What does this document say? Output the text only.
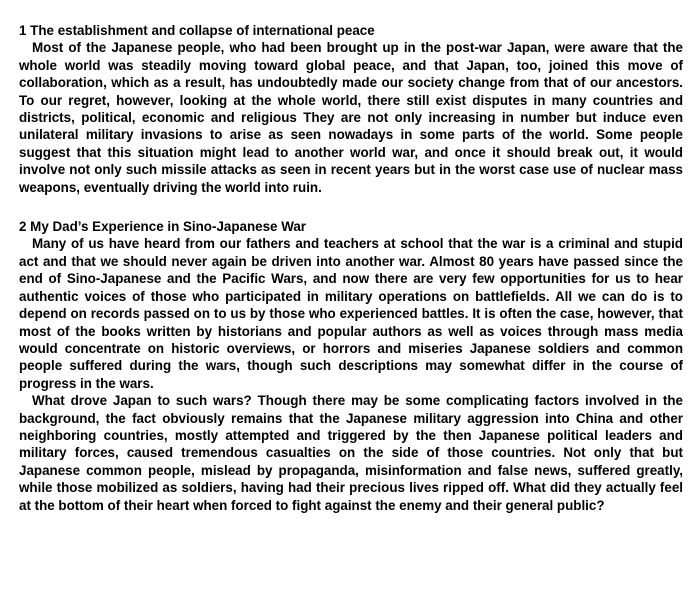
1 The establishment and collapse of international peace

Most of the Japanese people, who had been brought up in the post-war Japan, were aware that the whole world was steadily moving toward global peace, and that Japan, too, joined this move of collaboration, which as a result, has undoubtedly made our society change from that of our ancestors. To our regret, however, looking at the whole world, there still exist disputes in many countries and districts, political, economic and religious They are not only increasing in number but induce even unilateral military invasions to arise as seen nowadays in some parts of the world. Some people suggest that this situation might lead to another world war, and once it should break out, it would involve not only such missile attacks as seen in recent years but in the worst case use of nuclear mass weapons, eventually driving the world into ruin.

2 My Dad’s Experience in Sino-Japanese War

Many of us have heard from our fathers and teachers at school that the war is a criminal and stupid act and that we should never again be driven into another war. Almost 80 years have passed since the end of Sino-Japanese and the Pacific Wars, and now there are very few opportunities for us to hear authentic voices of those who participated in military operations on battlefields. All we can do is to depend on records passed on to us by those who experienced battles. It is often the case, however, that most of the books written by historians and popular authors as well as voices through mass media would concentrate on historic overviews, or horrors and miseries Japanese soldiers and common people suffered during the wars, though such descriptions may somewhat differ in the course of progress in the wars.

What drove Japan to such wars? Though there may be some complicating factors involved in the background, the fact obviously remains that the Japanese military aggression into China and other neighboring countries, mostly attempted and triggered by the then Japanese political leaders and military forces, caused tremendous casualties on the side of those countries. Not only that but Japanese common people, mislead by propaganda, misinformation and false news, suffered greatly, while those mobilized as soldiers, having had their precious lives ripped off. What did they actually feel at the bottom of their heart when forced to fight against the enemy and their general public?
